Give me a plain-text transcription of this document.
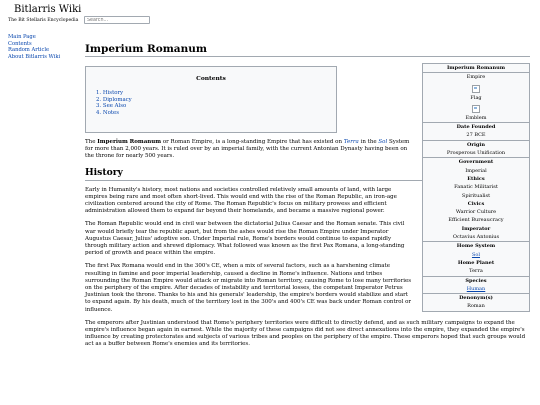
Bitlarris Wiki
The Bit Stellaris Encyclopedia
Search...
Main Page
Contents
Random Article
About Bitlarris Wiki
Imperium Romanum
Imperium Romanum
Empire
Flag
Emblem
Date Founded
27 BCE
Origin
Prosperous Unification
Government
Imperial
Ethics
Fanatic Militarist
Spiritualist
Civics
Warrior Culture
Efficient Bureaucracy
Imperator
Octavius Antonius
Home System
Sol
Home Planet
Terra
Species
Human
Denonym(s)
Roman
Contents
1. History
2. Diplomacy
3. See Also
4. Notes

The Imperium Romanum or Roman Empire, is a long-standing Empire that has existed on Terra in the Sol System for more than 2,000 years. It is ruled over by an imperial family, with the current Antonian Dynasty having been on the throne for nearly 500 years.

History

Early in Humanity's history, most nations and societies controlled reletively small amounts of land, with large empires being rare and most often short-lived. This would end with the rise of the Roman Republic, an iron-age civilization centered around the city of Rome. The Roman Republic's focus on military prowess and efficient administration allowed them to expand far beyond their homelands, and became a massive regional power.

The Roman Republic would end in civil war between the dictatorial Julius Caesar and the Roman senate. This civil war would briefly tear the republic apart, but from the ashes would rise the Roman Empire under Imperator Augustus Caesar, Julius' adoptive son. Under Imperial rule, Rome's borders would continue to expand rapidly through military action and shrewd diplomacy. What followed was known as the first Pax Romana, a long-standing period of growth and peace within the empire.

The first Pax Romana would end in the 300's CE, when a mix of several factors, such as a harshening climate resulting in famine and poor imperial leadership, caused a decline in Rome's influence. Nations and tribes surrounding the Roman Empire would attack or migrate into Roman territory, causing Rome to lose many territories on the periphery of the empire. After decades of instability and territorial losses, the competant Imperator Petrus Justinian took the throne. Thanks to his and his generals' leadership, the empire's borders would stabilize and start to expand again. By his death, much of the territory lost in the 300's and 400's CE was back under Roman control or influence.

The emperors after Justinian understood that Rome's periphery territories were difficult to directly defend, and as such military campaigns to expand the empire's influence began again in earnest. While the majority of these campaigns did not see direct annexations into the empire, they expanded the empire's influence by creating protectorates and subjects of various tribes and peoples on the periphery of the empire. These emperors hoped that such groups would act as a buffer between Rome's enemies and its territories.
